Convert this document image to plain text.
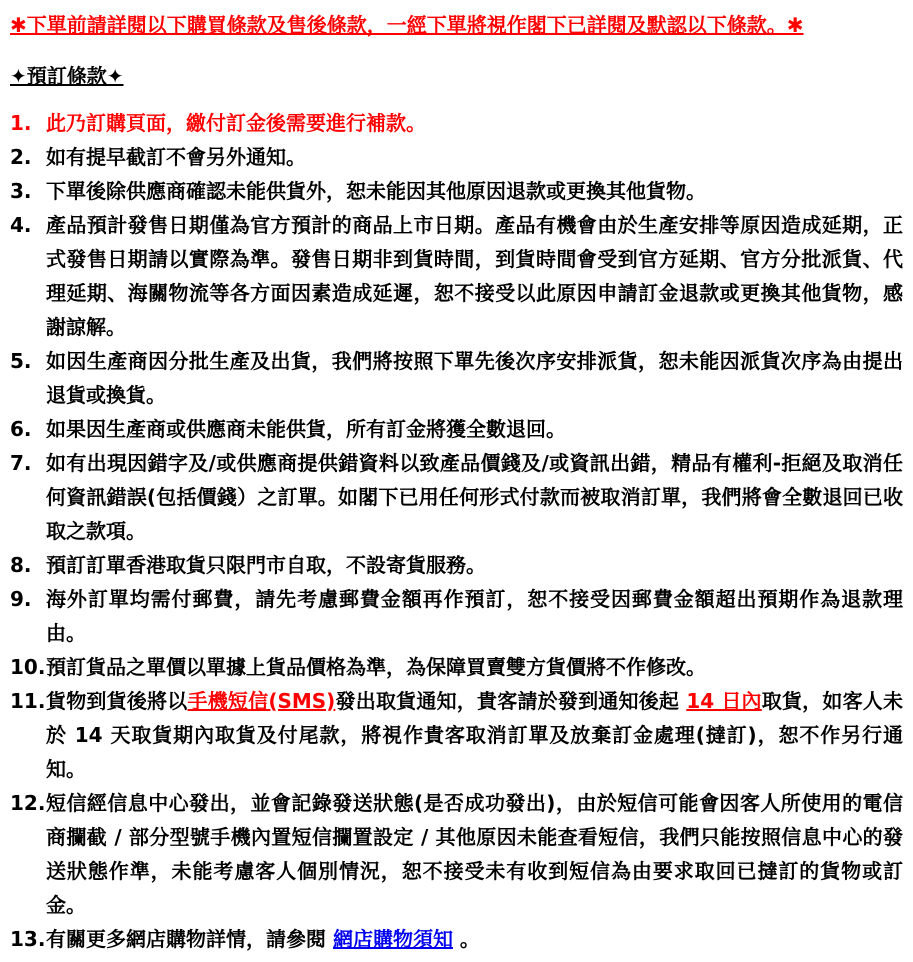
✱下單前請詳閱以下購買條款及售後條款，一經下單將視作閣下已詳閱及默認以下條款。✱
✦預訂條款✦
1. 此乃訂購頁面，繳付訂金後需要進行補款。
2. 如有提早截訂不會另外通知。
3. 下單後除供應商確認未能供貨外，恕未能因其他原因退款或更換其他貨物。
4. 產品預計發售日期僅為官方預計的商品上市日期。產品有機會由於生產安排等原因造成延期，正式發售日期請以實際為準。發售日期非到貨時間，到貨時間會受到官方延期、官方分批派貨、代理延期、海關物流等各方面因素造成延遲，恕不接受以此原因申請訂金退款或更換其他貨物，感謝諒解。
5. 如因生產商因分批生產及出貨，我們將按照下單先後次序安排派貨，恕未能因派貨次序為由提出退貨或換貨。
6. 如果因生產商或供應商未能供貨，所有訂金將獲全數退回。
7. 如有出現因錯字及/或供應商提供錯資料以致產品價錢及/或資訊出錯，精品有權利-拒絕及取消任何資訊錯誤(包括價錢）之訂單。如閣下已用任何形式付款而被取消訂單，我們將會全數退回已收取之款項。
8. 預訂訂單香港取貨只限門市自取，不設寄貨服務。
9. 海外訂單均需付郵費，請先考慮郵費金額再作預訂，恕不接受因郵費金額超出預期作為退款理由。
10. 預訂貨品之單價以單據上貨品價格為準，為保障買賣雙方貨價將不作修改。
11. 貨物到貨後將以手機短信(SMS)發出取貨通知，貴客請於發到通知後起 14 日內取貨，如客人未於 14 天取貨期內取貨及付尾款，將視作貴客取消訂單及放棄訂金處理(撻訂)，恕不作另行通知。
12. 短信經信息中心發出，並會記錄發送狀態(是否成功發出)，由於短信可能會因客人所使用的電信商攔截 / 部分型號手機內置短信攔置設定 / 其他原因未能查看短信，我們只能按照信息中心的發送狀態作準，未能考慮客人個別情況，恕不接受未有收到短信為由要求取回已撻訂的貨物或訂金。
13. 有關更多網店購物詳情，請參閱 網店購物須知 。
